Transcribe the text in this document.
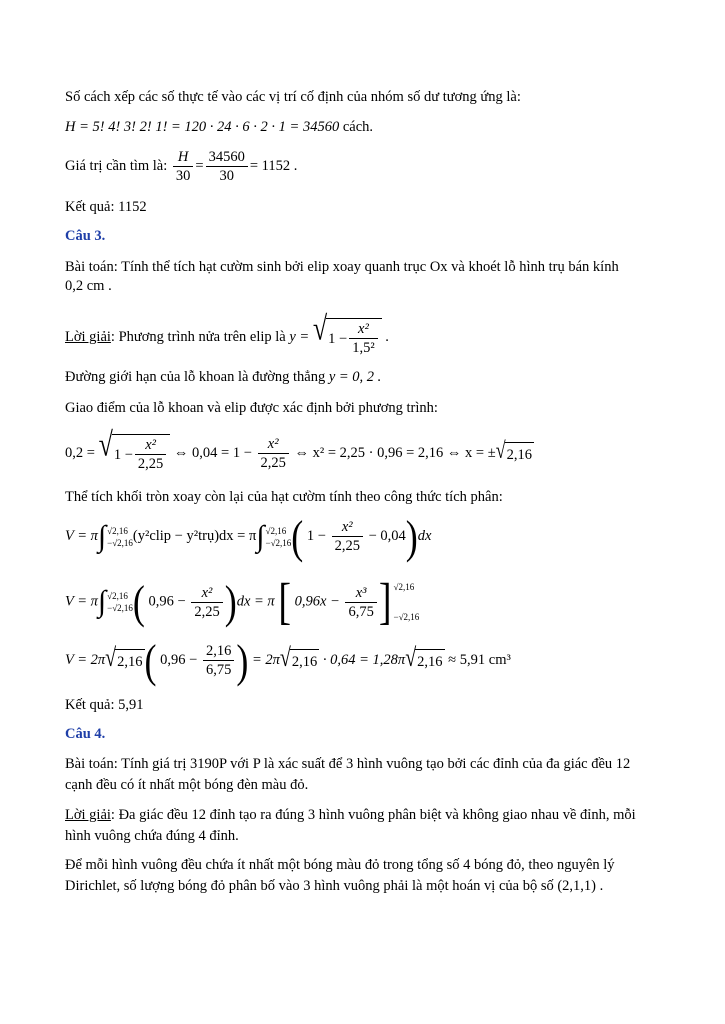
Số cách xếp các số thực tế vào các vị trí cố định của nhóm số dư tương ứng là:
H = 5! 4! 3! 2! 1! = 120 · 24 · 6 · 2 · 1 = 34560 cách.
Giá trị cần tìm là: $\frac{H}{30} = \frac{34560}{30} = 1152$ .
Kết quả: 1152
Câu 3.
Bài toán: Tính thể tích hạt cườm sinh bởi elip xoay quanh trục Ox và khoét lỗ hình trụ bán kính
0,2 cm .
Lời giải: Phương trình nửa trên elip là y = √ $1 - \frac{\text{x²}}{\text{1,5²}}$ .
Đường giới hạn của lỗ khoan là đường thẳng y = 0, 2 .
Giao điểm của lỗ khoan và elip được xác định bởi phương trình:
0,2 = √ $1 - \frac{\text{x²}}{2,25}$ ⇔ $0,04 = 1 - \frac{\text{x²}}{2,25}$ ⇔ x² = 2,25 · 0,96 = 2,16 ⇔ x = ± √ 2,16
Thể tích khối tròn xoay còn lại của hạt cườm tính theo công thức tích phân:
V = π ∫ √2,16
−√2,16 (y²clip − y²trụ)dx = π ∫ √2,16
−√2,16 ( $1 - \frac{\text{x²}}{2,25} - 0,04)dx$
V = π ∫ √2,16
−√2,16 ( $0,96 - \frac{\text{x²}}{2,25} )dx = \pi$ [ $0,96x - \frac{\text{x³}}{6,75}$ ] √2,16
−√2,16
V = 2π √ 2,16 ( $0,96 - \frac{2,16}{6,75}$ ) = 2π √ 2,16 · 0,64 = 1,28π √ 2,16 ≈ 5,91 cm³
Kết quả: 5,91
Câu 4.
Bài toán: Tính giá trị 3190P với P là xác suất để 3 hình vuông tạo bởi các đỉnh của đa giác đều 12
cạnh đều có ít nhất một bóng đèn màu đỏ.
Lời giải: Đa giác đều 12 đỉnh tạo ra đúng 3 hình vuông phân biệt và không giao nhau về đỉnh, mỗi
hình vuông chứa đúng 4 đỉnh.
Để mỗi hình vuông đều chứa ít nhất một bóng màu đỏ trong tổng số 4 bóng đỏ, theo nguyên lý
Dirichlet, số lượng bóng đỏ phân bố vào 3 hình vuông phải là một hoán vị của bộ số (2,1,1) .
